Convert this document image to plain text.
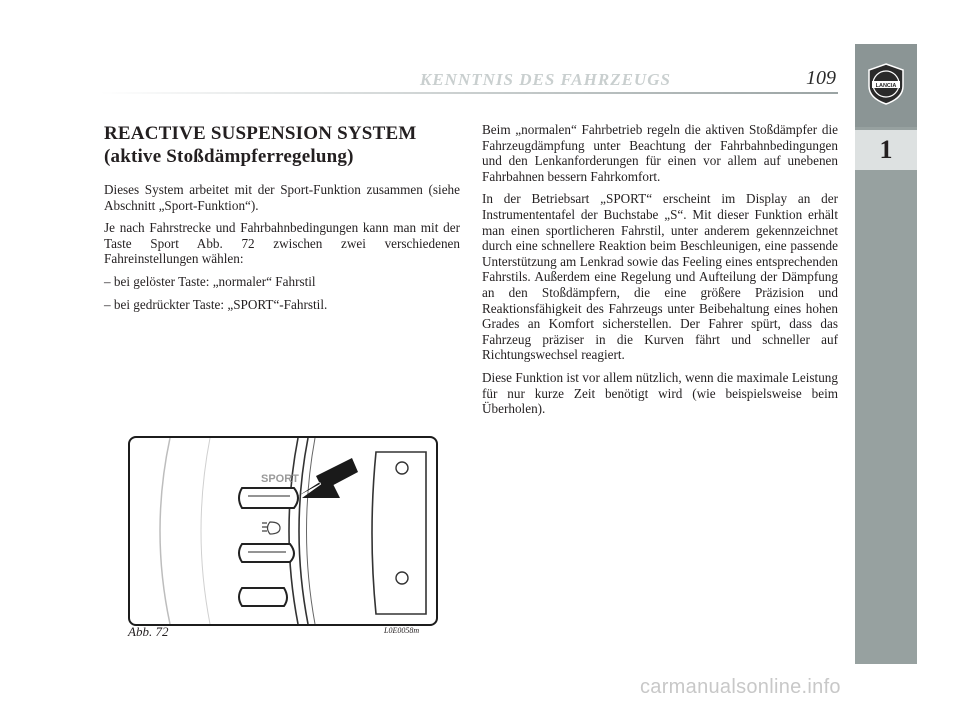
KENNTNIS DES FAHRZEUGS	109	LANCIA
1
REACTIVE SUSPENSION SYSTEM
(aktive Stoßdämpferregelung)

Dieses System arbeitet mit der Sport-Funktion zusammen (siehe Abschnitt „Sport-Funktion“).

Je nach Fahrstrecke und Fahrbahnbedingungen kann man mit der Taste Sport Abb. 72 zwischen zwei verschiedenen Fahreinstellungen wählen:

– bei gelöster Taste: „normaler“ Fahrstil
– bei gedrückter Taste: „SPORT“-Fahrstil.

Beim „normalen“ Fahrbetrieb regeln die aktiven Stoßdämpfer die Fahrzeugdämpfung unter Beachtung der Fahrbahnbedingungen und den Lenkanforderungen für einen vor allem auf unebenen Fahrbahnen bessern Fahrkomfort.

In der Betriebsart „SPORT“ erscheint im Display an der Instrumententafel der Buchstabe „S“. Mit dieser Funktion erhält man einen sportlicheren Fahrstil, unter anderem gekennzeichnet durch eine schnellere Reaktion beim Beschleunigen, eine passende Unterstützung am Lenkrad sowie das Feeling eines entsprechenden Fahrstils. Außerdem eine Regelung und Aufteilung der Dämpfung an den Stoßdämpfern, die eine größere Präzision und Reaktionsfähigkeit des Fahrzeugs unter Beibehaltung eines hohen Grades an Komfort sicherstellen. Der Fahrer spürt, dass das Fahrzeug präziser in die Kurven fährt und schneller auf Richtungswechsel reagiert.

Diese Funktion ist vor allem nützlich, wenn die maximale Leistung für nur kurze Zeit benötigt wird (wie beispielsweise beim Überholen).

SPORT
Abb. 72	L0E0058m
carmanualsonline.info
